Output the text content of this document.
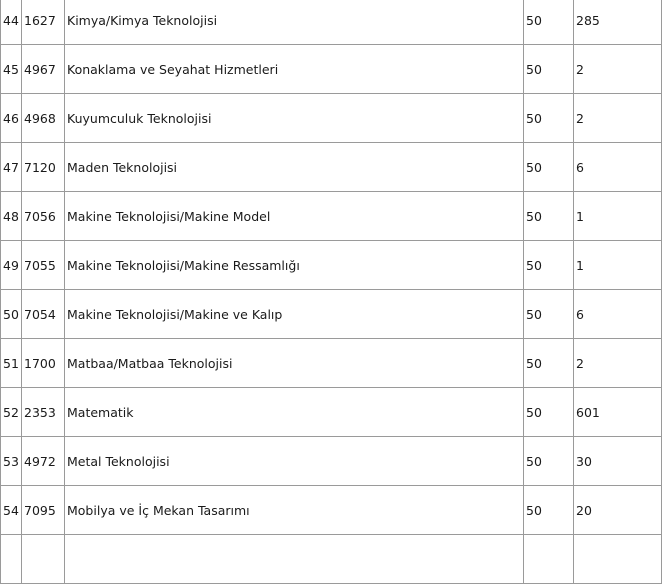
44	1627	Kimya/Kimya Teknolojisi	50	285
45	4967	Konaklama ve Seyahat Hizmetleri	50	2
46	4968	Kuyumculuk Teknolojisi	50	2
47	7120	Maden Teknolojisi	50	6
48	7056	Makine Teknolojisi/Makine Model	50	1
49	7055	Makine Teknolojisi/Makine Ressamlığı	50	1
50	7054	Makine Teknolojisi/Makine ve Kalıp	50	6
51	1700	Matbaa/Matbaa Teknolojisi	50	2
52	2353	Matematik	50	601
53	4972	Metal Teknolojisi	50	30
54	7095	Mobilya ve İç Mekan Tasarımı	50	20
